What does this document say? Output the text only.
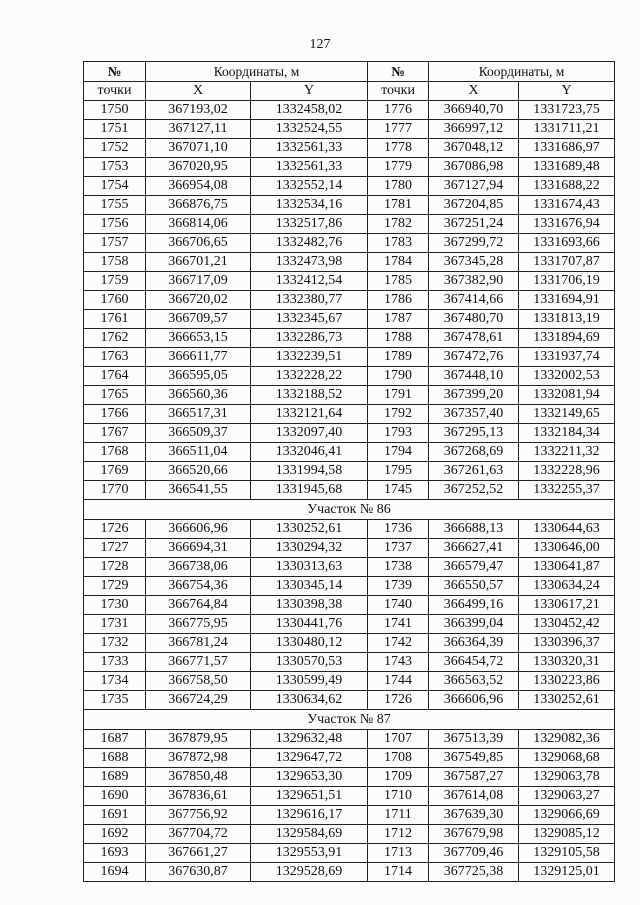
127
№	Координаты, м		№	Координаты, м	
точки	X	Y	точки	X	Y
1750	367193,02	1332458,02	1776	366940,70	1331723,75
1751	367127,11	1332524,55	1777	366997,12	1331711,21
1752	367071,10	1332561,33	1778	367048,12	1331686,97
1753	367020,95	1332561,33	1779	367086,98	1331689,48
1754	366954,08	1332552,14	1780	367127,94	1331688,22
1755	366876,75	1332534,16	1781	367204,85	1331674,43
1756	366814,06	1332517,86	1782	367251,24	1331676,94
1757	366706,65	1332482,76	1783	367299,72	1331693,66
1758	366701,21	1332473,98	1784	367345,28	1331707,87
1759	366717,09	1332412,54	1785	367382,90	1331706,19
1760	366720,02	1332380,77	1786	367414,66	1331694,91
1761	366709,57	1332345,67	1787	367480,70	1331813,19
1762	366653,15	1332286,73	1788	367478,61	1331894,69
1763	366611,77	1332239,51	1789	367472,76	1331937,74
1764	366595,05	1332228,22	1790	367448,10	1332002,53
1765	366560,36	1332188,52	1791	367399,20	1332081,94
1766	366517,31	1332121,64	1792	367357,40	1332149,65
1767	366509,37	1332097,40	1793	367295,13	1332184,34
1768	366511,04	1332046,41	1794	367268,69	1332211,32
1769	366520,66	1331994,58	1795	367261,63	1332228,96
1770	366541,55	1331945,68	1745	367252,52	1332255,37
Участок № 86					
1726	366606,96	1330252,61	1736	366688,13	1330644,63
1727	366694,31	1330294,32	1737	366627,41	1330646,00
1728	366738,06	1330313,63	1738	366579,47	1330641,87
1729	366754,36	1330345,14	1739	366550,57	1330634,24
1730	366764,84	1330398,38	1740	366499,16	1330617,21
1731	366775,95	1330441,76	1741	366399,04	1330452,42
1732	366781,24	1330480,12	1742	366364,39	1330396,37
1733	366771,57	1330570,53	1743	366454,72	1330320,31
1734	366758,50	1330599,49	1744	366563,52	1330223,86
1735	366724,29	1330634,62	1726	366606,96	1330252,61
Участок № 87					
1687	367879,95	1329632,48	1707	367513,39	1329082,36
1688	367872,98	1329647,72	1708	367549,85	1329068,68
1689	367850,48	1329653,30	1709	367587,27	1329063,78
1690	367836,61	1329651,51	1710	367614,08	1329063,27
1691	367756,92	1329616,17	1711	367639,30	1329066,69
1692	367704,72	1329584,69	1712	367679,98	1329085,12
1693	367661,27	1329553,91	1713	367709,46	1329105,58
1694	367630,87	1329528,69	1714	367725,38	1329125,01
